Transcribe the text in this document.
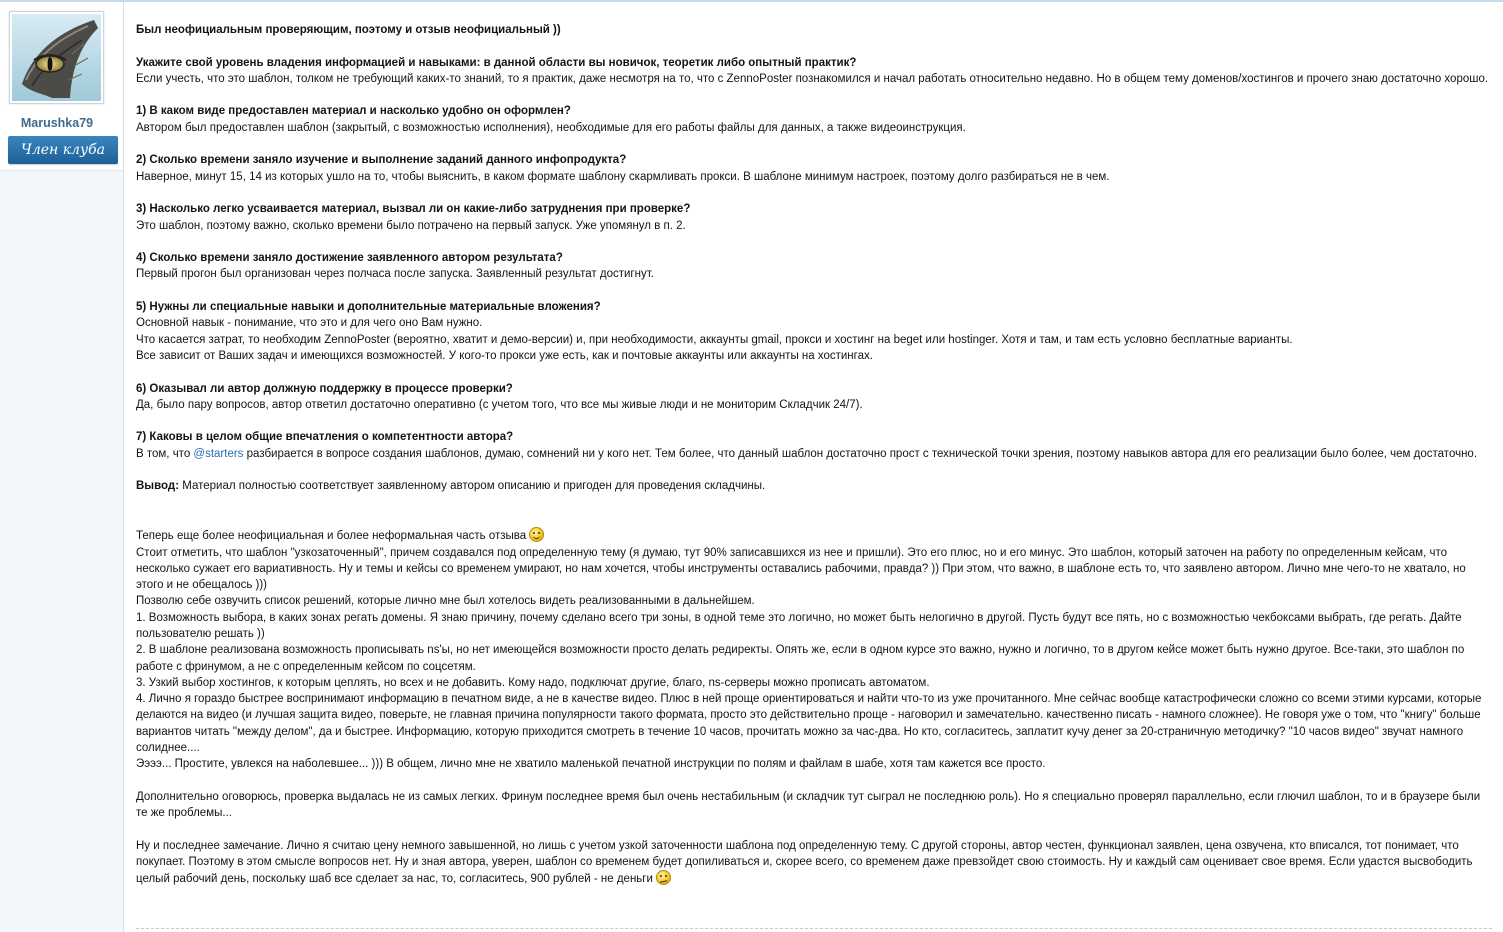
Marushka79
Член клуба

Был неофициальным проверяющим, поэтому и отзыв неофициальный ))

Укажите свой уровень владения информацией и навыками: в данной области вы новичок, теоретик либо опытный практик?

Если учесть, что это шаблон, толком не требующий каких-то знаний, то я практик, даже несмотря на то, что с ZennoPoster познакомился и начал работать относительно недавно. Но в общем тему доменов/хостингов и прочего знаю достаточно хорошо.

1) В каком виде предоставлен материал и насколько удобно он оформлен?

Автором был предоставлен шаблон (закрытый, с возможностью исполнения), необходимые для его работы файлы для данных, а также видеоинструкция.

2) Сколько времени заняло изучение и выполнение заданий данного инфопродукта?

Наверное, минут 15, 14 из которых ушло на то, чтобы выяснить, в каком формате шаблону скармливать прокси. В шаблоне минимум настроек, поэтому долго разбираться не в чем.

3) Насколько легко усваивается материал, вызвал ли он какие-либо затруднения при проверке?

Это шаблон, поэтому важно, сколько времени было потрачено на первый запуск. Уже упомянул в п. 2.

4) Сколько времени заняло достижение заявленного автором результата?

Первый прогон был организован через полчаса после запуска. Заявленный результат достигнут.

5) Нужны ли специальные навыки и дополнительные материальные вложения?

Основной навык - понимание, что это и для чего оно Вам нужно.

Что касается затрат, то необходим ZennoPoster (вероятно, хватит и демо-версии) и, при необходимости, аккаунты gmail, прокси и хостинг на beget или hostinger. Хотя и там, и там есть условно бесплатные варианты.

Все зависит от Ваших задач и имеющихся возможностей. У кого-то прокси уже есть, как и почтовые аккаунты или аккаунты на хостингах.

6) Оказывал ли автор должную поддержку в процессе проверки?

Да, было пару вопросов, автор ответил достаточно оперативно (с учетом того, что все мы живые люди и не мониторим Складчик 24/7).

7) Каковы в целом общие впечатления о компетентности автора?

В том, что @starters разбирается в вопросе создания шаблонов, думаю, сомнений ни у кого нет. Тем более, что данный шаблон достаточно прост с технической точки зрения, поэтому навыков автора для его реализации было более, чем достаточно.

Вывод: Материал полностью соответствует заявленному автором описанию и пригоден для проведения складчины.

Теперь еще более неофициальная и более неформальная часть отзыва

Стоит отметить, что шаблон "узкозаточенный", причем создавался под определенную тему (я думаю, тут 90% записавшихся из нее и пришли). Это его плюс, но и его минус. Это шаблон, который заточен на работу по определенным кейсам, что несколько сужает его вариативность. Ну и темы и кейсы со временем умирают, но нам хочется, чтобы инструменты оставались рабочими, правда? )) При этом, что важно, в шаблоне есть то, что заявлено автором. Лично мне чего-то не хватало, но этого и не обещалось )))

Позволю себе озвучить список решений, которые лично мне был хотелось видеть реализованными в дальнейшем.

1. Возможность выбора, в каких зонах регать домены. Я знаю причину, почему сделано всего три зоны, в одной теме это логично, но может быть нелогично в другой. Пусть будут все пять, но с возможностью чекбоксами выбрать, где регать. Дайте пользователю решать ))

2. В шаблоне реализована возможность прописывать ns'ы, но нет имеющейся возможности просто делать редиректы. Опять же, если в одном курсе это важно, нужно и логично, то в другом кейсе может быть нужно другое. Все-таки, это шаблон по работе с фринумом, а не с определенным кейсом по соцсетям.

3. Узкий выбор хостингов, к которым цеплять, но всех и не добавить. Кому надо, подключат другие, благо, ns-серверы можно прописать автоматом.

4. Лично я гораздо быстрее воспринимают информацию в печатном виде, а не в качестве видео. Плюс в ней проще ориентироваться и найти что-то из уже прочитанного. Мне сейчас вообще катастрофически сложно со всеми этими курсами, которые делаются на видео (и лучшая защита видео, поверьте, не главная причина популярности такого формата, просто это действительно проще - наговорил и замечательно. качественно писать - намного сложнее). Не говоря уже о том, что "книгу" больше вариантов читать "между делом", да и быстрее. Информацию, которую приходится смотреть в течение 10 часов, прочитать можно за час-два. Но кто, согласитесь, заплатит кучу денег за 20-страничную методичку? "10 часов видео" звучат намного солиднее....

Ээээ... Простите, увлекся на наболевшее... ))) В общем, лично мне не хватило маленькой печатной инструкции по полям и файлам в шабе, хотя там кажется все просто.

Дополнительно оговорюсь, проверка выдалась не из самых легких. Фринум последнее время был очень нестабильным (и складчик тут сыграл не последнюю роль). Но я специально проверял параллельно, если глючил шаблон, то и в браузере были те же проблемы...

Ну и последнее замечание. Лично я считаю цену немного завышенной, но лишь с учетом узкой заточенности шаблона под определенную тему. С другой стороны, автор честен, функционал заявлен, цена озвучена, кто вписался, тот понимает, что покупает. Поэтому в этом смысле вопросов нет. Ну и зная автора, уверен, шаблон со временем будет допиливаться и, скорее всего, со временем даже превзойдет свою стоимость. Ну и каждый сам оценивает свое время. Если удастся высвободить целый рабочий день, поскольку шаб все сделает за нас, то, согласитесь, 900 рублей - не деньги
